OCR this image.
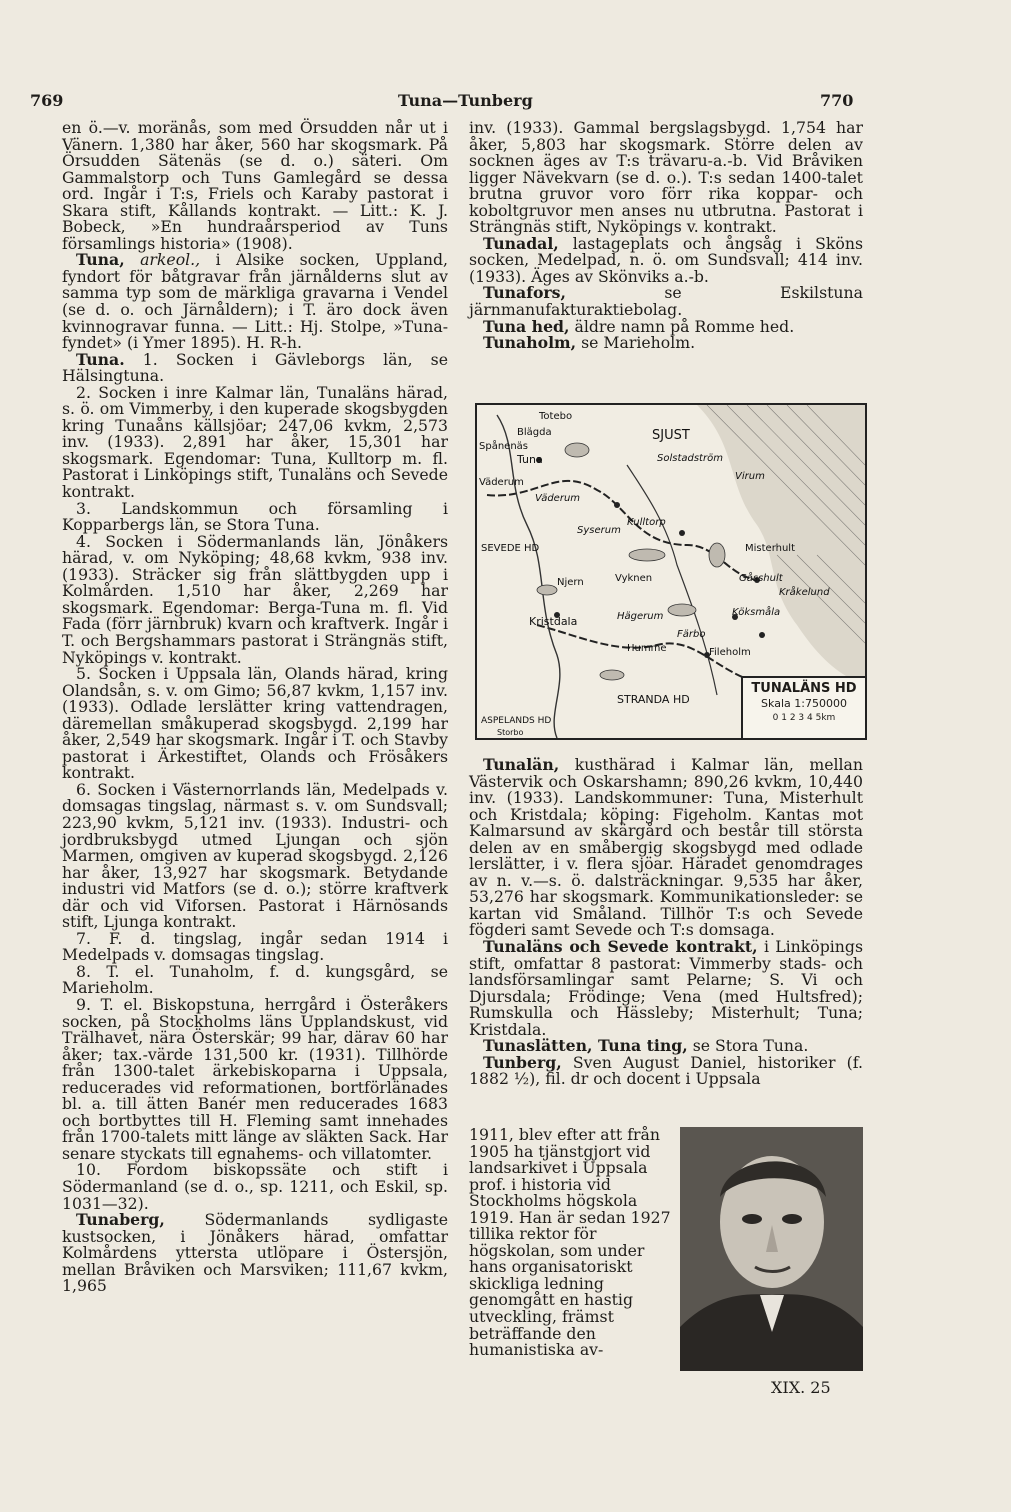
769	Tuna—Tunberg	770

en ö.—v. moränås, som med Örsudden når ut i Vänern. 1,380 har åker, 560 har skogsmark. På Örsudden Sätenäs (se d. o.) säteri. Om Gammalstorp och Tuns Gamlegård se dessa ord. Ingår i T:s, Friels och Karaby pastorat i Skara stift, Kållands kontrakt. — Litt.: K. J. Bobeck, »En hundraårsperiod av Tuns församlings historia» (1908).

Tuna, arkeol., i Alsike socken, Uppland, fyndort för båtgravar från järnålderns slut av samma typ som de märkliga gravarna i Vendel (se d. o. och Järnåldern); i T. äro dock även kvinnogravar funna. — Litt.: Hj. Stolpe, »Tuna-fyndet» (i Ymer 1895). H. R-h.

Tuna. 1. Socken i Gävleborgs län, se Hälsingtuna.

2. Socken i inre Kalmar län, Tunaläns härad, s. ö. om Vimmerby, i den kuperade skogsbygden kring Tunaåns källsjöar; 247,06 kvkm, 2,573 inv. (1933). 2,891 har åker, 15,301 har skogsmark. Egendomar: Tuna, Kulltorp m. fl. Pastorat i Linköpings stift, Tunaläns och Sevede kontrakt.

3. Landskommun och församling i Kopparbergs län, se Stora Tuna.

4. Socken i Södermanlands län, Jönåkers härad, v. om Nyköping; 48,68 kvkm, 938 inv. (1933). Sträcker sig från slättbygden upp i Kolmården. 1,510 har åker, 2,269 har skogsmark. Egendomar: Berga-Tuna m. fl. Vid Fada (förr järnbruk) kvarn och kraftverk. Ingår i T. och Bergshammars pastorat i Strängnäs stift, Nyköpings v. kontrakt.

5. Socken i Uppsala län, Olands härad, kring Olandsån, s. v. om Gimo; 56,87 kvkm, 1,157 inv. (1933). Odlade lerslätter kring vattendragen, däremellan småkuperad skogsbygd. 2,199 har åker, 2,549 har skogsmark. Ingår i T. och Stavby pastorat i Ärkestiftet, Olands och Frösåkers kontrakt.

6. Socken i Västernorrlands län, Medelpads v. domsagas tingslag, närmast s. v. om Sundsvall; 223,90 kvkm, 5,121 inv. (1933). Industri- och jordbruksbygd utmed Ljungan och sjön Marmen, omgiven av kuperad skogsbygd. 2,126 har åker, 13,927 har skogsmark. Betydande industri vid Matfors (se d. o.); större kraftverk där och vid Viforsen. Pastorat i Härnösands stift, Ljunga kontrakt.

7. F. d. tingslag, ingår sedan 1914 i Medelpads v. domsagas tingslag.

8. T. el. Tunaholm, f. d. kungsgård, se Marieholm.

9. T. el. Biskopstuna, herrgård i Österåkers socken, på Stockholms läns Upplandskust, vid Trälhavet, nära Österskär; 99 har, därav 60 har åker; tax.-värde 131,500 kr. (1931). Tillhörde från 1300-talet ärkebiskoparna i Uppsala, reducerades vid reformationen, bortförlänades bl. a. till ätten Banér men reducerades 1683 och bortbyttes till H. Fleming samt innehades från 1700-talets mitt länge av släkten Sack. Har senare styckats till egnahems- och villatomter.

10. Fordom biskopssäte och stift i Södermanland (se d. o., sp. 1211, och Eskil, sp. 1031—32).

Tunaberg,	Södermanlands sydligaste kustsocken, i Jönåkers härad, omfattar Kolmårdens yttersta utlöpare i Östersjön, mellan Bråviken och Marsviken; 111,67 kvkm, 1,965

inv. (1933). Gammal bergslagsbygd. 1,754 har åker, 5,803 har skogsmark. Större delen av socknen äges av T:s trävaru-a.-b. Vid Bråviken ligger Nävekvarn (se d. o.). T:s sedan 1400-talet brutna gruvor voro förr rika koppar- och koboltgruvor men anses nu utbrutna. Pastorat i Strängnäs stift, Nyköpings v. kontrakt.

Tunadal, lastageplats och ångsåg i Sköns socken, Medelpad, n. ö. om Sundsvall; 414 inv. (1933). Äges av Skönviks a.-b.

Tunafors,	se Eskilstuna järnmanufakturaktiebolag.

Tuna hed, äldre namn på Romme hed.

Tunaholm, se Marieholm.

Totebo
Blägda
Spånenäs
Tuna
Väderum
Väderum
SJUST
Solstadström
Virum
Kulltorp
Syserum
SEVEDE HD	Misterhult
Gåsshult
Kråkelund
Köksmåla
Kristdala
Njern	Vyknen
Hägerum
Färbo
Humme	Fileholm
STRANDA HD
ASPELANDS HD
Storbo
TUNALÄNS HD
Skala 1:750000
0 1 2 3 4 5km

Tunalän, kusthärad i Kalmar län, mellan Västervik och Oskarshamn; 890,26 kvkm, 10,440 inv. (1933). Landskommuner: Tuna, Misterhult och Kristdala; köping: Figeholm. Kantas mot Kalmarsund av skärgård och består till största delen av en småbergig skogsbygd med odlade lerslätter, i v. flera sjöar. Häradet genomdrages av n. v.—s. ö. dalsträckningar. 9,535 har åker, 53,276 har skogsmark. Kommunikationsleder: se kartan vid Småland. Tillhör T:s och Sevede fögderi samt Sevede och T:s domsaga.

Tunaläns och Sevede kontrakt, i Linköpings stift, omfattar 8 pastorat: Vimmerby stads- och landsförsamlingar samt Pelarne; S. Vi och Djursdala; Frödinge; Vena (med Hultsfred); Rumskulla och Hässleby; Misterhult; Tuna; Kristdala.

Tunaslätten, Tuna ting, se Stora Tuna.

Tunberg, Sven August Daniel, historiker (f. 1882 ½), fil. dr och docent i Uppsala

1911, blev efter att från 1905 ha tjänstgjort vid landsarkivet i Uppsala prof. i historia vid Stockholms högskola 1919. Han är sedan 1927 tillika rektor för högskolan, som under hans organisatoriskt skickliga ledning genomgått en hastig utveckling, främst beträffande den humanistiska av-
XIX. 25
